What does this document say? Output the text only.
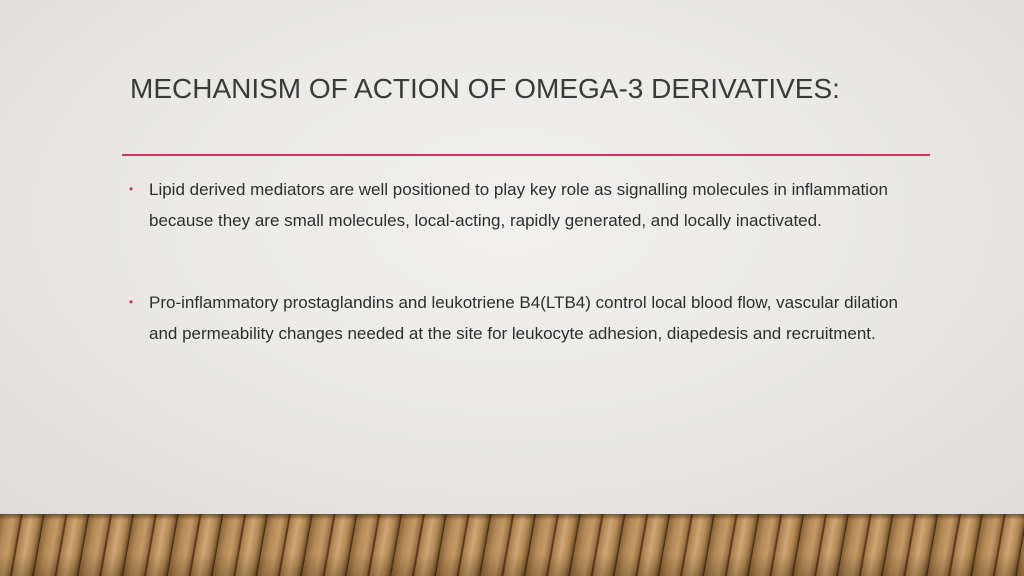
MECHANISM OF ACTION OF OMEGA-3 DERIVATIVES:
• Lipid derived mediators are well positioned to play key role as signalling molecules in inflammation because they are small molecules, local-acting, rapidly generated, and locally inactivated.
• Pro-inflammatory prostaglandins and leukotriene B4(LTB4) control local blood flow, vascular dilation and permeability changes needed at the site for leukocyte adhesion, diapedesis and recruitment.
